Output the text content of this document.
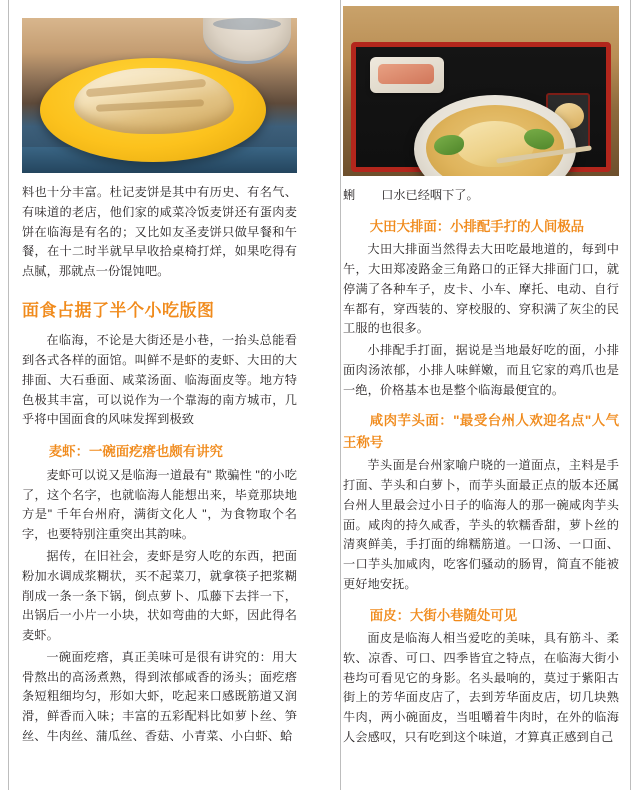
料也十分丰富。杜记麦饼是其中有历史、有名气、有味道的老店，他们家的咸菜冷饭麦饼还有蛋肉麦饼在临海是有名的；又比如友圣麦饼只做早餐和午餐，在十二时半就早早收拾桌椅打烊，如果吃得有点腻，那就点一份馄饨吧。

面食占据了半个小吃版图

在临海，不论是大街还是小巷，一抬头总能看到各式各样的面馆。叫鲜不是虾的麦虾、大田的大排面、大石垂面、咸菜汤面、临海面皮等。地方特色极其丰富，可以说作为一个靠海的南方城市，几乎将中国面食的风味发挥到极致

麦虾：一碗面疙瘩也颇有讲究

麦虾可以说又是临海一道最有" 欺骗性 "的小吃了，这个名字，也就临海人能想出来，毕竟那块地方是" 千年台州府，满街文化人 "，为食物取个名字，也要特别注重突出其韵味。

据传，在旧社会，麦虾是穷人吃的东西，把面粉加水调成浆糊状，买不起菜刀，就拿筷子把浆糊削成一条一条下锅，倒点萝卜、瓜藤下去拌一下，出锅后一小片一小块，状如弯曲的大虾，因此得名麦虾。

一碗面疙瘩，真正美味可是很有讲究的：用大骨熬出的高汤煮熟，得到浓郁咸香的汤头；面疙瘩条短粗细均匀，形如大虾，吃起来口感既筋道又润滑，鲜香而入味；丰富的五彩配料比如萝卜丝、笋丝、牛肉丝、蒲瓜丝、香菇、小青菜、小白虾、蛤

蜊 口水已经咽下了。
大田大排面：小排配手打的人间极品

大田大排面当然得去大田吃最地道的，每到中午，大田郑凌路金三角路口的正铎大排面门口，就停满了各种车子，皮卡、小车、摩托、电动、自行车都有，穿西装的、穿校服的、穿积满了灰尘的民工服的也很多。

小排配手打面，据说是当地最好吃的面，小排面肉汤浓郁，小排人味鲜嫩，而且它家的鸡爪也是一绝，价格基本也是整个临海最便宜的。

咸肉芋头面："最受台州人欢迎名点"人气王称号

芋头面是台州家喻户晓的一道面点，主料是手打面、芋头和白萝卜，而芋头面最正点的版本还属台州人里最会过小日子的临海人的那一碗咸肉芋头面。咸肉的持久咸香，芋头的软糯香甜，萝卜丝的清爽鲜美，手打面的绵糯筋道。一口汤、一口面、一口芋头加咸肉，吃客们骚动的肠胃，简直不能被更好地安抚。

面皮：大街小巷随处可见

面皮是临海人相当爱吃的美味，具有筋斗、柔软、凉香、可口、四季皆宜之特点，在临海大街小巷均可看见它的身影。名头最响的，莫过于紫阳古街上的芳华面皮店了，去到芳华面皮店，切几块熟牛肉，两小碗面皮，当咀嚼着牛肉时，在外的临海人会感叹，只有吃到这个味道，才算真正感到自己
